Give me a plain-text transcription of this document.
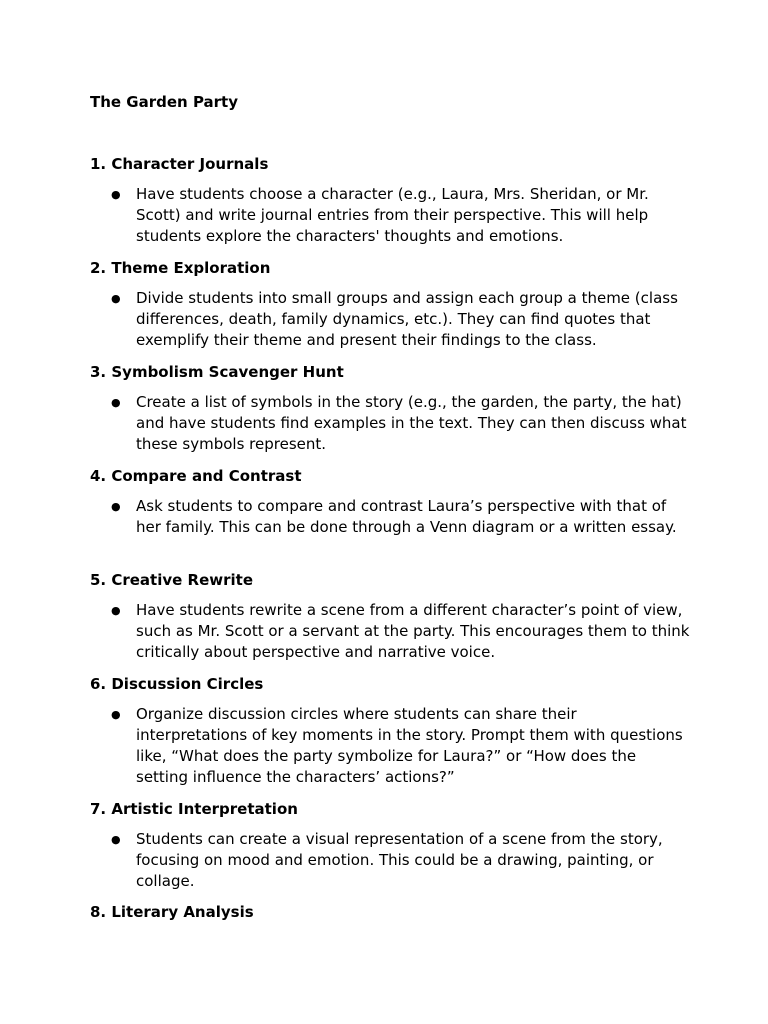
The Garden Party
1. Character Journals
● Have students choose a character (e.g., Laura, Mrs. Sheridan, or Mr. Scott) and write journal entries from their perspective. This will help students explore the characters' thoughts and emotions.
2. Theme Exploration
● Divide students into small groups and assign each group a theme (class differences, death, family dynamics, etc.). They can find quotes that exemplify their theme and present their findings to the class.
3. Symbolism Scavenger Hunt
● Create a list of symbols in the story (e.g., the garden, the party, the hat) and have students find examples in the text. They can then discuss what these symbols represent.
4. Compare and Contrast
● Ask students to compare and contrast Laura’s perspective with that of her family. This can be done through a Venn diagram or a written essay.
5. Creative Rewrite
● Have students rewrite a scene from a different character’s point of view, such as Mr. Scott or a servant at the party. This encourages them to think critically about perspective and narrative voice.
6. Discussion Circles
● Organize discussion circles where students can share their interpretations of key moments in the story. Prompt them with questions like, “What does the party symbolize for Laura?” or “How does the setting influence the characters’ actions?”
7. Artistic Interpretation
● Students can create a visual representation of a scene from the story, focusing on mood and emotion. This could be a drawing, painting, or collage.
8. Literary Analysis
